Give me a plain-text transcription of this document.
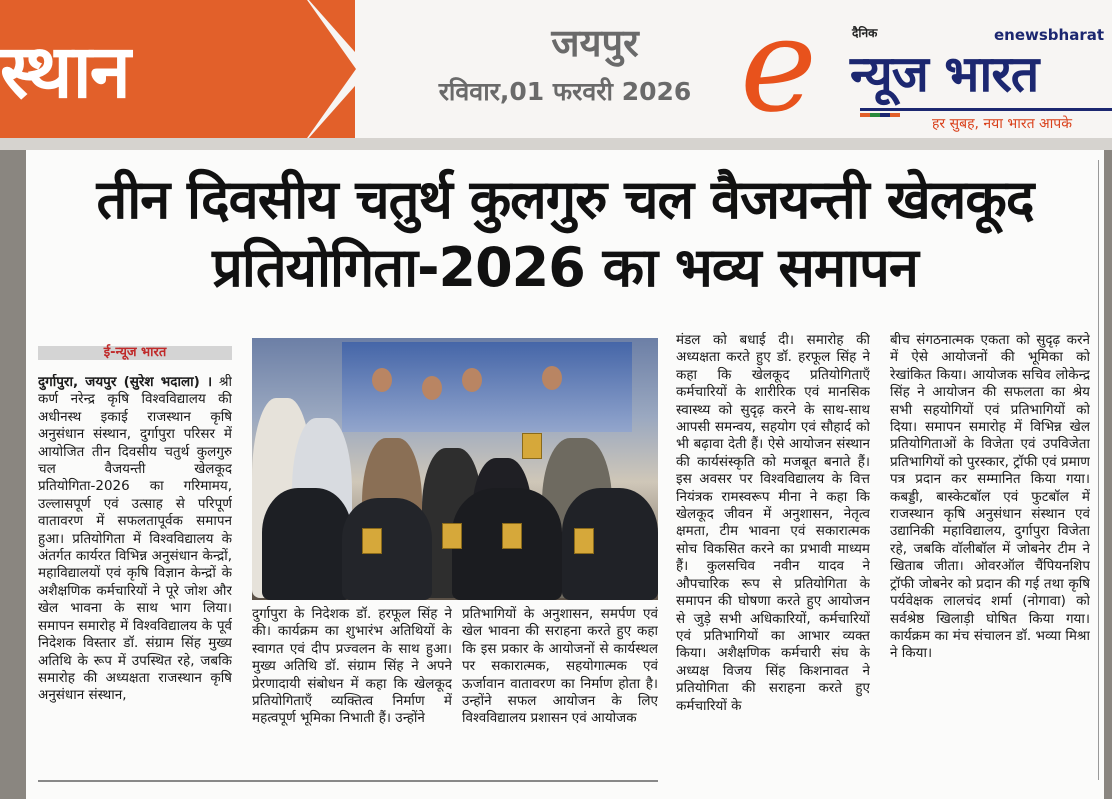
स्थान	जयपुर
रविवार,01 फरवरी 2026 e	दैनिक	enewsbharat
न्यूज भारत
हर सुबह, नया भारत आपके
तीन दिवसीय चतुर्थ कुलगुरु चल वैजयन्ती खेलकूद प्रतियोगिता-2026 का भव्य समापन
ई-न्यूज भारत
दुर्गापुरा, जयपुर (सुरेश भदाला) । श्री कर्ण नरेन्द्र कृषि विश्वविद्यालय की अधीनस्थ इकाई राजस्थान कृषि अनुसंधान संस्थान, दुर्गापुरा परिसर में आयोजित तीन दिवसीय चतुर्थ कुलगुरु चल वैजयन्ती खेलकूद प्रतियोगिता-2026 का गरिमामय, उल्लासपूर्ण एवं उत्साह से परिपूर्ण वातावरण में सफलतापूर्वक समापन हुआ। प्रतियोगिता में विश्वविद्यालय के अंतर्गत कार्यरत विभिन्न अनुसंधान केन्द्रों, महाविद्यालयों एवं कृषि विज्ञान केन्द्रों के अशैक्षणिक कर्मचारियों ने पूरे जोश और खेल भावना के साथ भाग लिया। समापन समारोह में विश्वविद्यालय के पूर्व निदेशक विस्तार डॉ. संग्राम सिंह मुख्य अतिथि के रूप में उपस्थित रहे, जबकि समारोह की अध्यक्षता राजस्थान कृषि अनुसंधान संस्थान,
दुर्गापुरा के निदेशक डॉ. हरफूल सिंह ने की। कार्यक्रम का शुभारंभ अतिथियों के स्वागत एवं दीप प्रज्वलन के साथ हुआ। मुख्य अतिथि डॉ. संग्राम सिंह ने अपने प्रेरणादायी संबोधन में कहा कि खेलकूद प्रतियोगिताएँ व्यक्तित्व निर्माण में महत्वपूर्ण भूमिका निभाती हैं। उन्होंने
प्रतिभागियों के अनुशासन, समर्पण एवं खेल भावना की सराहना करते हुए कहा कि इस प्रकार के आयोजनों से कार्यस्थल पर सकारात्मक, सहयोगात्मक एवं ऊर्जावान वातावरण का निर्माण होता है। उन्होंने सफल आयोजन के लिए विश्वविद्यालय प्रशासन एवं आयोजक
मंडल को बधाई दी। समारोह की अध्यक्षता करते हुए डॉ. हरफूल सिंह ने कहा कि खेलकूद प्रतियोगिताएँ कर्मचारियों के शारीरिक एवं मानसिक स्वास्थ्य को सुदृढ़ करने के साथ-साथ आपसी समन्वय, सहयोग एवं सौहार्द को भी बढ़ावा देती हैं। ऐसे आयोजन संस्थान की कार्यसंस्कृति को मजबूत बनाते हैं। इस अवसर पर विश्वविद्यालय के वित्त नियंत्रक रामस्वरूप मीना ने कहा कि खेलकूद जीवन में अनुशासन, नेतृत्व क्षमता, टीम भावना एवं सकारात्मक सोच विकसित करने का प्रभावी माध्यम हैं। कुलसचिव नवीन यादव ने औपचारिक रूप से प्रतियोगिता के समापन की घोषणा करते हुए आयोजन से जुड़े सभी अधिकारियों, कर्मचारियों एवं प्रतिभागियों का आभार व्यक्त किया। अशैक्षणिक कर्मचारी संघ के अध्यक्ष विजय सिंह किशनावत ने प्रतियोगिता की सराहना करते हुए कर्मचारियों के
बीच संगठनात्मक एकता को सुदृढ़ करने में ऐसे आयोजनों की भूमिका को रेखांकित किया। आयोजक सचिव लोकेन्द्र सिंह ने आयोजन की सफलता का श्रेय सभी सहयोगियों एवं प्रतिभागियों को दिया। समापन समारोह में विभिन्न खेल प्रतियोगिताओं के विजेता एवं उपविजेता प्रतिभागियों को पुरस्कार, ट्रॉफी एवं प्रमाण पत्र प्रदान कर सम्मानित किया गया। कबड्डी, बास्केटबॉल एवं फुटबॉल में राजस्थान कृषि अनुसंधान संस्थान एवं उद्यानिकी महाविद्यालय, दुर्गापुरा विजेता रहे, जबकि वॉलीबॉल में जोबनेर टीम ने खिताब जीता। ओवरऑल चैंपियनशिप ट्रॉफी जोबनेर को प्रदान की गई तथा कृषि पर्यवेक्षक लालचंद शर्मा (नोगावा) को सर्वश्रेष्ठ खिलाड़ी घोषित किया गया। कार्यक्रम का मंच संचालन डॉ. भव्या मिश्रा ने किया।
